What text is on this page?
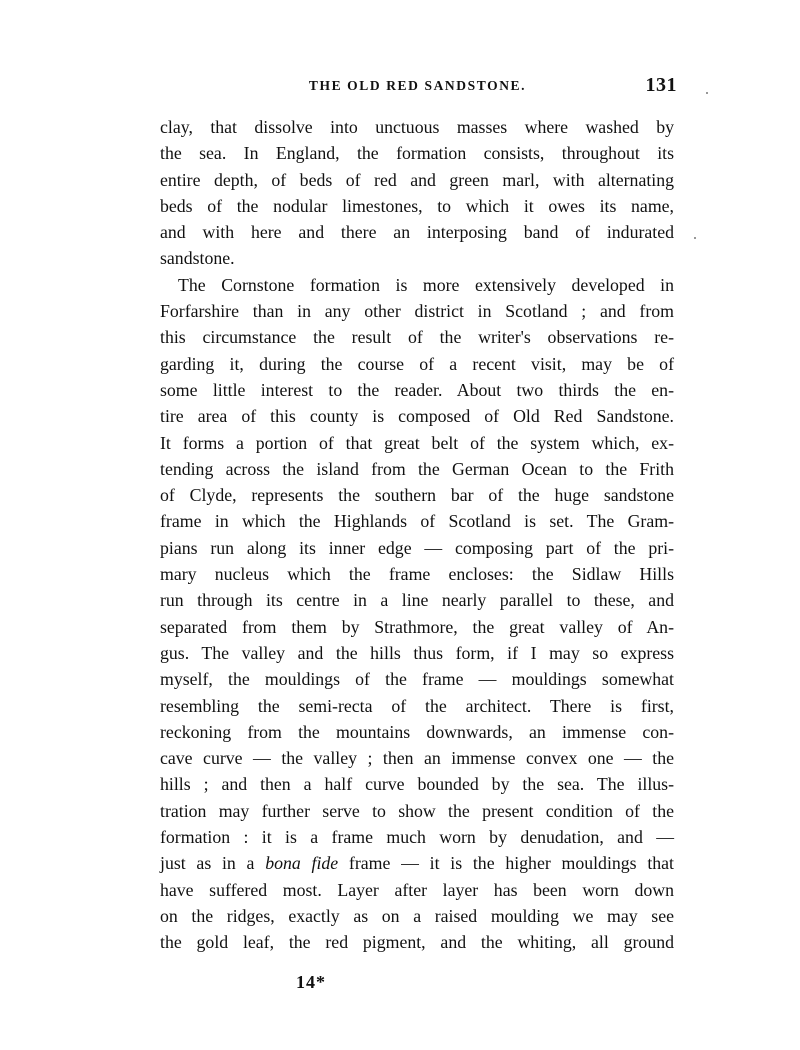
THE OLD RED SANDSTONE.	131
clay, that dissolve into unctuous masses where washed by
the sea. In England, the formation consists, throughout its
entire depth, of beds of red and green marl, with alternating
beds of the nodular limestones, to which it owes its name,
and with here and there an interposing band of indurated
sandstone.
The Cornstone formation is more extensively developed in
Forfarshire than in any other district in Scotland ; and from
this circumstance the result of the writer's observations re-
garding it, during the course of a recent visit, may be of
some little interest to the reader. About two thirds the en-
tire area of this county is composed of Old Red Sandstone.
It forms a portion of that great belt of the system which, ex-
tending across the island from the German Ocean to the Frith
of Clyde, represents the southern bar of the huge sandstone
frame in which the Highlands of Scotland is set. The Gram-
pians run along its inner edge — composing part of the pri-
mary nucleus which the frame encloses: the Sidlaw Hills
run through its centre in a line nearly parallel to these, and
separated from them by Strathmore, the great valley of An-
gus. The valley and the hills thus form, if I may so express
myself, the mouldings of the frame — mouldings somewhat
resembling the semi-recta of the architect. There is first,
reckoning from the mountains downwards, an immense con-
cave curve — the valley ; then an immense convex one — the
hills ; and then a half curve bounded by the sea. The illus-
tration may further serve to show the present condition of the
formation : it is a frame much worn by denudation, and —
just as in a bona fide frame — it is the higher mouldings that
have suffered most. Layer after layer has been worn down
on the ridges, exactly as on a raised moulding we may see
the gold leaf, the red pigment, and the whiting, all ground
14*
